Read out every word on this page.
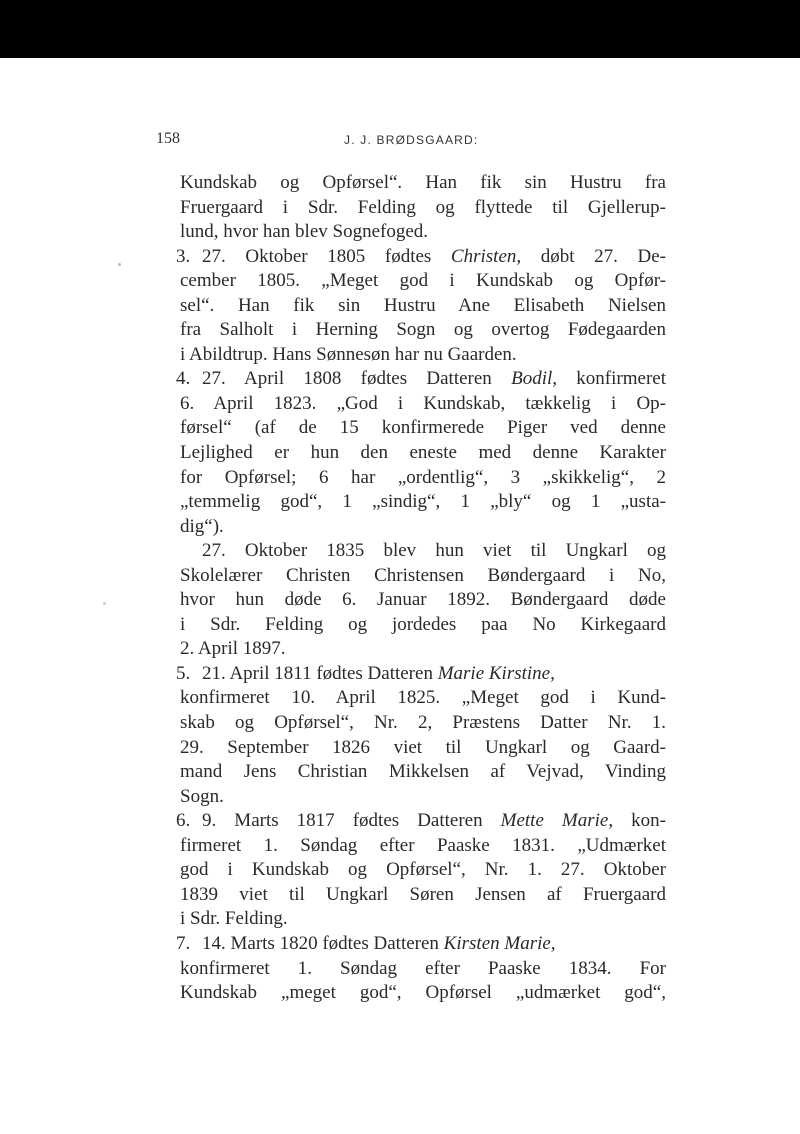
158	J. J. BRØDSGAARD:
Kundskab og Opførsel“. Han fik sin Hustru fra
Fruergaard i Sdr. Felding og flyttede til Gjellerup-
lund, hvor han blev Sognefoged.
3. 27. Oktober 1805 fødtes Christen, døbt 27. De-
cember 1805. „Meget god i Kundskab og Opfør-
sel“. Han fik sin Hustru Ane Elisabeth Nielsen
fra Salholt i Herning Sogn og overtog Fødegaarden
i Abildtrup. Hans Sønnesøn har nu Gaarden.
4. 27. April 1808 fødtes Datteren Bodil, konfirmeret
6. April 1823. „God i Kundskab, tækkelig i Op-
førsel“ (af de 15 konfirmerede Piger ved denne
Lejlighed er hun den eneste med denne Karakter
for Opførsel; 6 har „ordentlig“, 3 „skikkelig“, 2
„temmelig god“, 1 „sindig“, 1 „bly“ og 1 „usta-
dig“).
27. Oktober 1835 blev hun viet til Ungkarl og
Skolelærer Christen Christensen Bøndergaard i No,
hvor hun døde 6. Januar 1892. Bøndergaard døde
i Sdr. Felding og jordedes paa No Kirkegaard
2. April 1897.
5. 21. April 1811 fødtes Datteren Marie Kirstine,
konfirmeret 10. April 1825. „Meget god i Kund-
skab og Opførsel“, Nr. 2, Præstens Datter Nr. 1.
29. September 1826 viet til Ungkarl og Gaard-
mand Jens Christian Mikkelsen af Vejvad, Vinding
Sogn.
6. 9. Marts 1817 fødtes Datteren Mette Marie, kon-
firmeret 1. Søndag efter Paaske 1831. „Udmærket
god i Kundskab og Opførsel“, Nr. 1. 27. Oktober
1839 viet til Ungkarl Søren Jensen af Fruergaard
i Sdr. Felding.
7. 14. Marts 1820 fødtes Datteren Kirsten Marie,
konfirmeret 1. Søndag efter Paaske 1834. For
Kundskab „meget god“, Opførsel „udmærket god“,
